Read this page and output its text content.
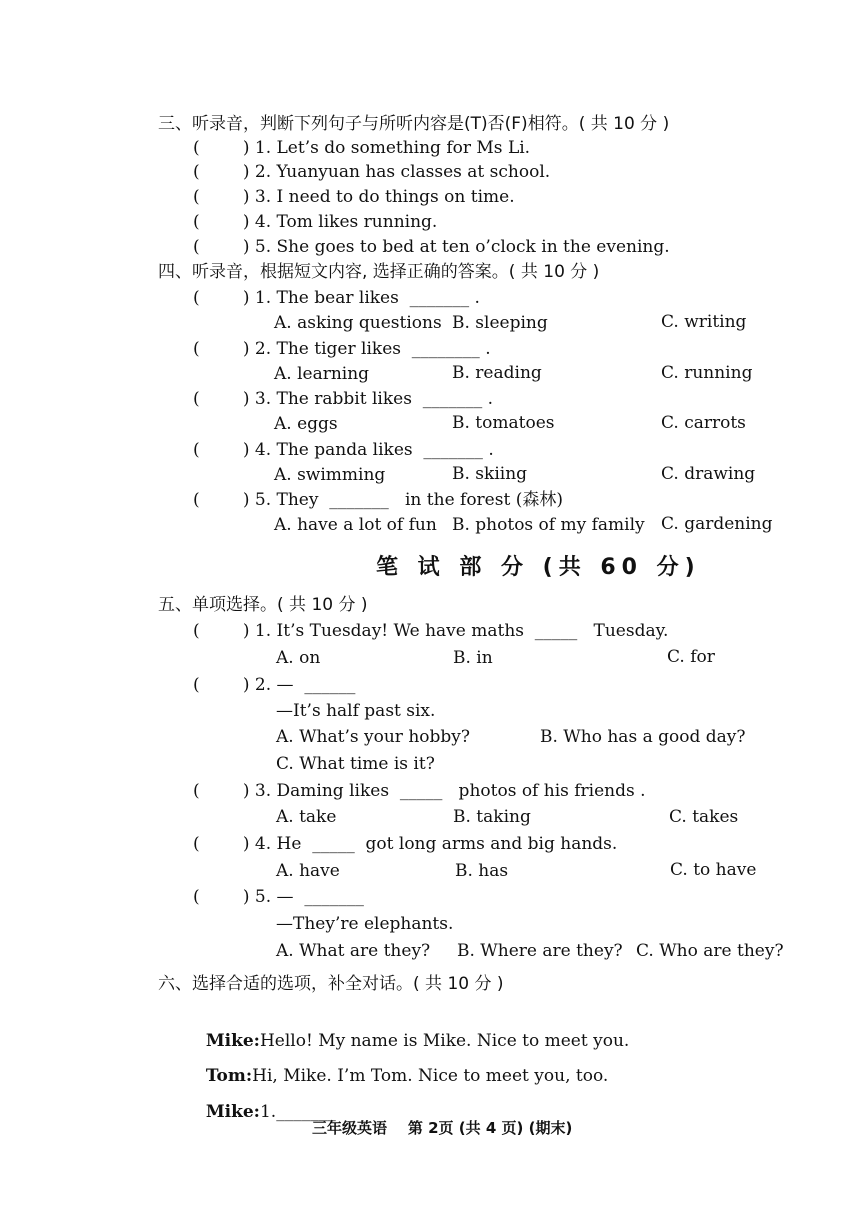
三、听录音，判断下列句子与所听内容是(T)否(F)相符。( 共 10 分 )
(        ) 1. Let’s do something for Ms Li.
(        ) 2. Yuanyuan has classes at school.
(        ) 3. I need to do things on time.
(        ) 4. Tom likes running.
(        ) 5. She goes to bed at ten o’clock in the evening.
四、听录音，根据短文内容, 选择正确的答案。( 共 10 分 )
(        ) 1. The bear likes  _______ .
A. asking questions B. sleeping	C. writing
(        ) 2. The tiger likes  ________ .
A. learning	B. reading	C. running
(        ) 3. The rabbit likes  _______ .
A. eggs	B. tomatoes	C. carrots
(        ) 4. The panda likes  _______ .
A. swimming	B. skiing	C. drawing
(        ) 5. They  _______   in the forest (森林)
A. have a lot of fun B. photos of my family C. gardening
笔 试 部 分 (共 60 分)
五、单项选择。( 共 10 分 )
(        ) 1. It’s Tuesday! We have maths  _____   Tuesday.
A. on	B. in	C. for
(        ) 2. —  ______
—It’s half past six.
A. What’s your hobby?	B. Who has a good day?
C. What time is it?
(        ) 3. Daming likes  _____   photos of his friends .
A. take	B. taking	C. takes
(        ) 4. He  _____  got long arms and big hands.
A. have	B. has	C. to have
(        ) 5. —  _______
—They’re elephants.
A. What are they? B. Where are they? C. Who are they?
六、选择合适的选项，补全对话。( 共 10 分 )

Mike:Hello! My name is Mike. Nice to meet you.

Tom:Hi, Mike. I’m Tom. Nice to meet you, too.

Mike:1._______

三年级英语    第 2页 (共 4 页) (期末)
